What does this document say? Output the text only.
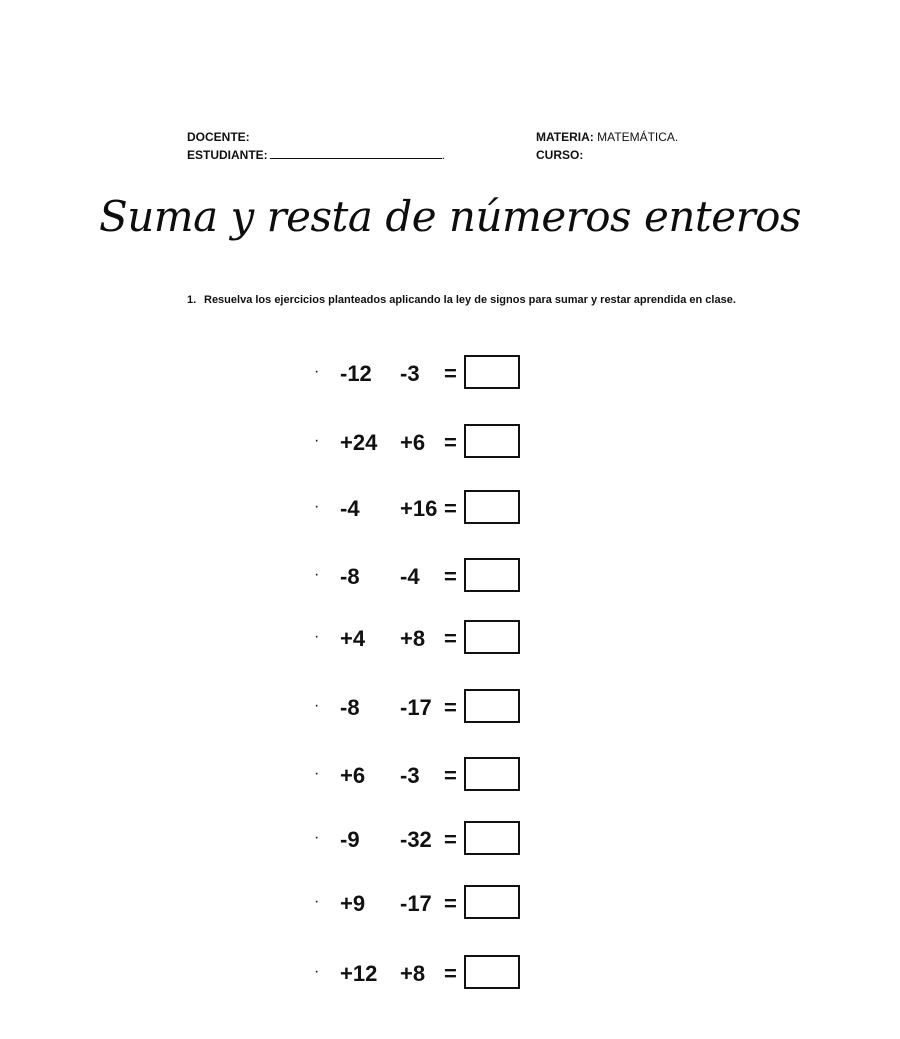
DOCENTE:
ESTUDIANTE:	.
MATERIA: MATEMÁTICA.
CURSO:
Suma y resta de números enteros
1. Resuelva los ejercicios planteados aplicando la ley de signos para sumar y restar aprendida en clase.
· -12 -3 =
· +24 +6 =
· -4 +16 =
· -8 -4 =
· +4 +8 =
· -8 -17 =
· +6 -3 =
· -9 -32 =
· +9 -17 =
· +12 +8 =
